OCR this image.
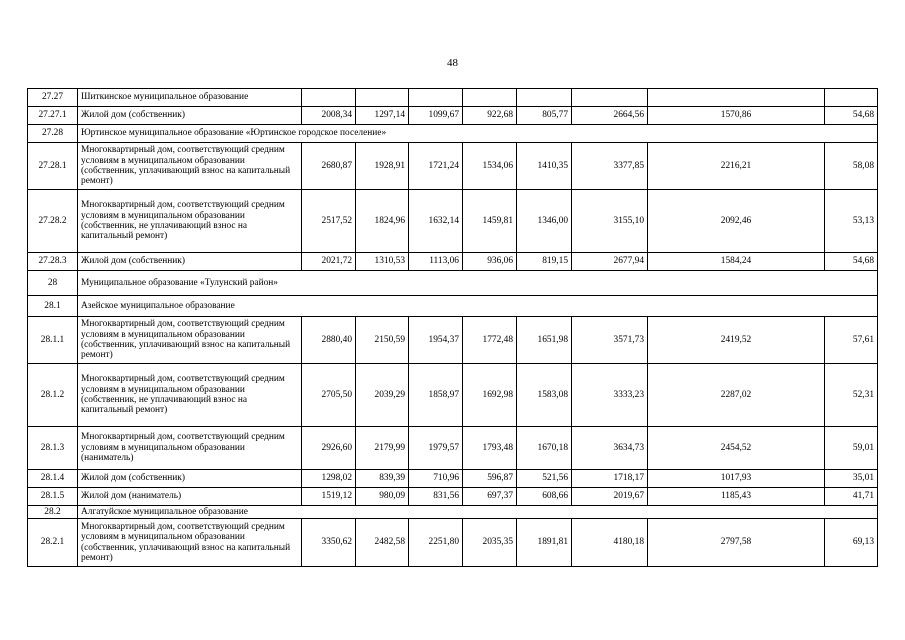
48
27.27	Шиткинское муниципальное образование								
27.27.1	Жилой дом (собственник)	2008,34	1297,14	1099,67	922,68	805,77	2664,56	1570,86	54,68
27.28	Юртинское муниципальное образование «Юртинское городское поселение»								
27.28.1	Многоквартирный дом, соответствующий средним условиям в муниципальном образовании (собственник, уплачивающий взнос на капитальный ремонт)	2680,87	1928,91	1721,24	1534,06	1410,35	3377,85	2216,21	58,08
27.28.2	Многоквартирный дом, соответствующий средним условиям в муниципальном образовании (собственник, не уплачивающий взнос на капитальный ремонт)	2517,52	1824,96	1632,14	1459,81	1346,00	3155,10	2092,46	53,13
27.28.3	Жилой дом (собственник)	2021,72	1310,53	1113,06	936,06	819,15	2677,94	1584,24	54,68
28	Муниципальное образование «Тулунский район»								
28.1	Азейское муниципальное образование								
28.1.1	Многоквартирный дом, соответствующий средним условиям в муниципальном образовании (собственник, уплачивающий взнос на капитальный ремонт)	2880,40	2150,59	1954,37	1772,48	1651,98	3571,73	2419,52	57,61
28.1.2	Многоквартирный дом, соответствующий средним условиям в муниципальном образовании (собственник, не уплачивающий взнос на капитальный ремонт)	2705,50	2039,29	1858,97	1692,98	1583,08	3333,23	2287,02	52,31
28.1.3	Многоквартирный дом, соответствующий средним условиям в муниципальном образовании (наниматель)	2926,60	2179,99	1979,57	1793,48	1670,18	3634,73	2454,52	59,01
28.1.4	Жилой дом (собственник)	1298,02	839,39	710,96	596,87	521,56	1718,17	1017,93	35,01
28.1.5	Жилой дом (наниматель)	1519,12	980,09	831,56	697,37	608,66	2019,67	1185,43	41,71
28.2	Алгатуйское муниципальное образование								
28.2.1	Многоквартирный дом, соответствующий средним условиям в муниципальном образовании (собственник, уплачивающий взнос на капитальный ремонт)	3350,62	2482,58	2251,80	2035,35	1891,81	4180,18	2797,58	69,13
